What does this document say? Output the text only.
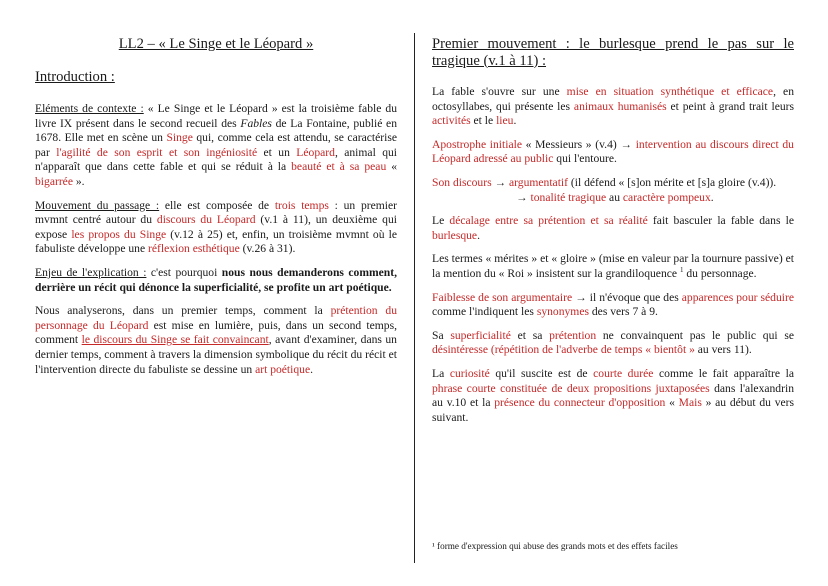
LL2 – « Le Singe et le Léopard »
Introduction :

Eléments de contexte : « Le Singe et le Léopard » est la troisième fable du livre IX présent dans le second recueil des Fables de La Fontaine, publié en 1678. Elle met en scène un Singe qui, comme cela est attendu, se caractérise par l'agilité de son esprit et son ingéniosité et un Léopard, animal qui n'apparaît que dans cette fable et qui se réduit à la beauté et à sa peau « bigarrée ».

Mouvement du passage : elle est composée de trois temps : un premier mvmnt centré autour du discours du Léopard (v.1 à 11), un deuxième qui expose les propos du Singe (v.12 à 25) et, enfin, un troisième mvmnt où le fabuliste développe une réflexion esthétique (v.26 à 31).

Enjeu de l'explication : c'est pourquoi nous nous demanderons comment, derrière un récit qui dénonce la superficialité, se profite un art poétique.

Nous analyserons, dans un premier temps, comment la prétention du personnage du Léopard est mise en lumière, puis, dans un second temps, comment le discours du Singe se fait convaincant, avant d'examiner, dans un dernier temps, comment à travers la dimension symbolique du récit du récit et l'intervention directe du fabuliste se dessine un art poétique.

Premier mouvement : le burlesque prend le pas sur le tragique (v.1 à 11) :

La fable s'ouvre sur une mise en situation synthétique et efficace, en octosyllabes, qui présente les animaux humanisés et peint à grand trait leurs activités et le lieu.

Apostrophe initiale « Messieurs » (v.4) → intervention au discours direct du Léopard adressé au public qui l'entoure.

Son discours → argumentatif (il défend « [s]on mérite et [s]a gloire (v.4)).

→ tonalité tragique au caractère pompeux.

Le décalage entre sa prétention et sa réalité fait basculer la fable dans le burlesque.

Les termes « mérites » et « gloire » (mise en valeur par la tournure passive) et la mention du « Roi » insistent sur la grandiloquence $^1$ du personnage.

Faiblesse de son argumentaire → il n'évoque que des apparences pour séduire comme l'indiquent les synonymes des vers 7 à 9.

Sa superficialité et sa prétention ne convainquent pas le public qui se désintéresse (répétition de l'adverbe de temps « bientôt » au vers 11).

La curiosité qu'il suscite est de courte durée comme le fait apparaître la phrase courte constituée de deux propositions juxtaposées dans l'alexandrin au v.10 et la présence du connecteur d'opposition « Mais » au début du vers suivant.

¹ forme d'expression qui abuse des grands mots et des effets faciles
